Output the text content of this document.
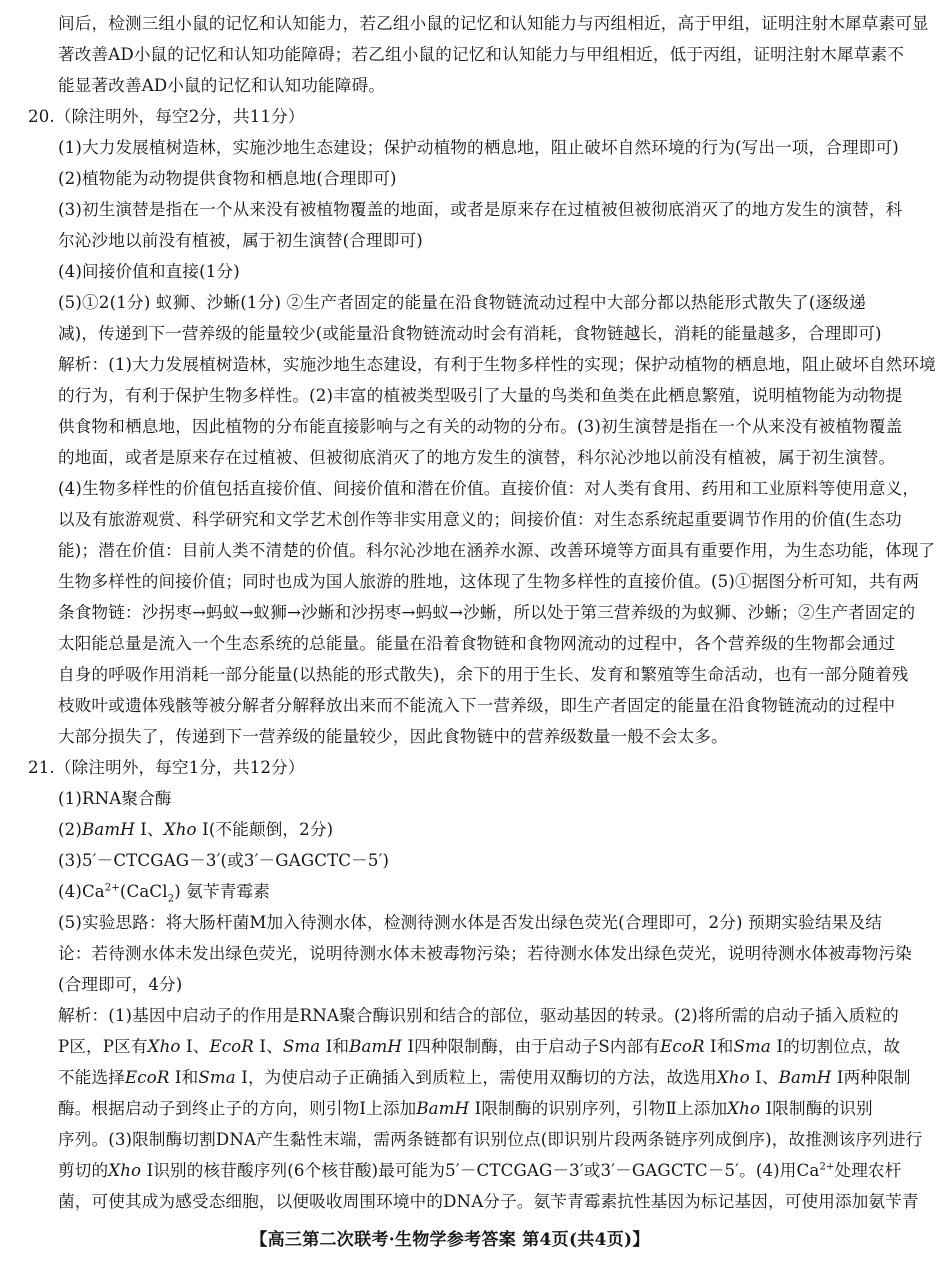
间后，检测三组小鼠的记忆和认知能力，若乙组小鼠的记忆和认知能力与丙组相近，高于甲组，证明注射木犀草素可显
著改善AD小鼠的记忆和认知功能障碍；若乙组小鼠的记忆和认知能力与甲组相近，低于丙组，证明注射木犀草素不
能显著改善AD小鼠的记忆和认知功能障碍。
20.（除注明外，每空2分，共11分）
(1)大力发展植树造林，实施沙地生态建设；保护动植物的栖息地，阻止破坏自然环境的行为(写出一项，合理即可)
(2)植物能为动物提供食物和栖息地(合理即可)
(3)初生演替是指在一个从来没有被植物覆盖的地面，或者是原来存在过植被但被彻底消灭了的地方发生的演替，科
尔沁沙地以前没有植被，属于初生演替(合理即可)
(4)间接价值和直接(1分)
(5)①2(1分) 蚁狮、沙蜥(1分) ②生产者固定的能量在沿食物链流动过程中大部分都以热能形式散失了(逐级递
减)，传递到下一营养级的能量较少(或能量沿食物链流动时会有消耗，食物链越长，消耗的能量越多，合理即可)
解析：(1)大力发展植树造林，实施沙地生态建设，有利于生物多样性的实现；保护动植物的栖息地，阻止破坏自然环境
的行为，有利于保护生物多样性。(2)丰富的植被类型吸引了大量的鸟类和鱼类在此栖息繁殖，说明植物能为动物提
供食物和栖息地，因此植物的分布能直接影响与之有关的动物的分布。(3)初生演替是指在一个从来没有被植物覆盖
的地面，或者是原来存在过植被、但被彻底消灭了的地方发生的演替，科尔沁沙地以前没有植被，属于初生演替。
(4)生物多样性的价值包括直接价值、间接价值和潜在价值。直接价值：对人类有食用、药用和工业原料等使用意义，
以及有旅游观赏、科学研究和文学艺术创作等非实用意义的；间接价值：对生态系统起重要调节作用的价值(生态功
能)；潜在价值：目前人类不清楚的价值。科尔沁沙地在涵养水源、改善环境等方面具有重要作用，为生态功能，体现了
生物多样性的间接价值；同时也成为国人旅游的胜地，这体现了生物多样性的直接价值。(5)①据图分析可知，共有两
条食物链：沙拐枣→蚂蚁→蚁狮→沙蜥和沙拐枣→蚂蚁→沙蜥，所以处于第三营养级的为蚁狮、沙蜥；②生产者固定的
太阳能总量是流入一个生态系统的总能量。能量在沿着食物链和食物网流动的过程中，各个营养级的生物都会通过
自身的呼吸作用消耗一部分能量(以热能的形式散失)，余下的用于生长、发育和繁殖等生命活动，也有一部分随着残
枝败叶或遗体残骸等被分解者分解释放出来而不能流入下一营养级，即生产者固定的能量在沿食物链流动的过程中
大部分损失了，传递到下一营养级的能量较少，因此食物链中的营养级数量一般不会太多。
21.（除注明外，每空1分，共12分）
(1)RNA聚合酶
(2)BamH Ⅰ、Xho Ⅰ(不能颠倒，2分)
(3)5′－CTCGAG－3′(或3′－GAGCTC－5′)
$(4)Ca^{2+}(CaCl_2)$ 氨苄青霉素
(5)实验思路：将大肠杆菌M加入待测水体，检测待测水体是否发出绿色荧光(合理即可，2分) 预期实验结果及结
论：若待测水体未发出绿色荧光，说明待测水体未被毒物污染；若待测水体发出绿色荧光，说明待测水体被毒物污染
(合理即可，4分)
解析：(1)基因中启动子的作用是RNA聚合酶识别和结合的部位，驱动基因的转录。(2)将所需的启动子插入质粒的
P区，P区有Xho Ⅰ、EcoR Ⅰ、Sma Ⅰ和BamH Ⅰ四种限制酶，由于启动子S内部有EcoR Ⅰ和Sma Ⅰ的切割位点，故
不能选择EcoR Ⅰ和Sma Ⅰ，为使启动子正确插入到质粒上，需使用双酶切的方法，故选用Xho Ⅰ、BamH Ⅰ两种限制
酶。根据启动子到终止子的方向，则引物Ⅰ上添加BamH Ⅰ限制酶的识别序列，引物Ⅱ上添加Xho Ⅰ限制酶的识别
序列。(3)限制酶切割DNA产生黏性末端，需两条链都有识别位点(即识别片段两条链序列成倒序)，故推测该序列进行
剪切的Xho Ⅰ识别的核苷酸序列(6个核苷酸)最可能为5′－CTCGAG－3′或3′－GAGCTC－5′。(4)用$Ca^{2+}$处理农杆
菌，可使其成为感受态细胞，以便吸收周围环境中的DNA分子。氨苄青霉素抗性基因为标记基因，可使用添加氨苄青
【高三第二次联考·生物学参考答案 第4页(共4页)】
